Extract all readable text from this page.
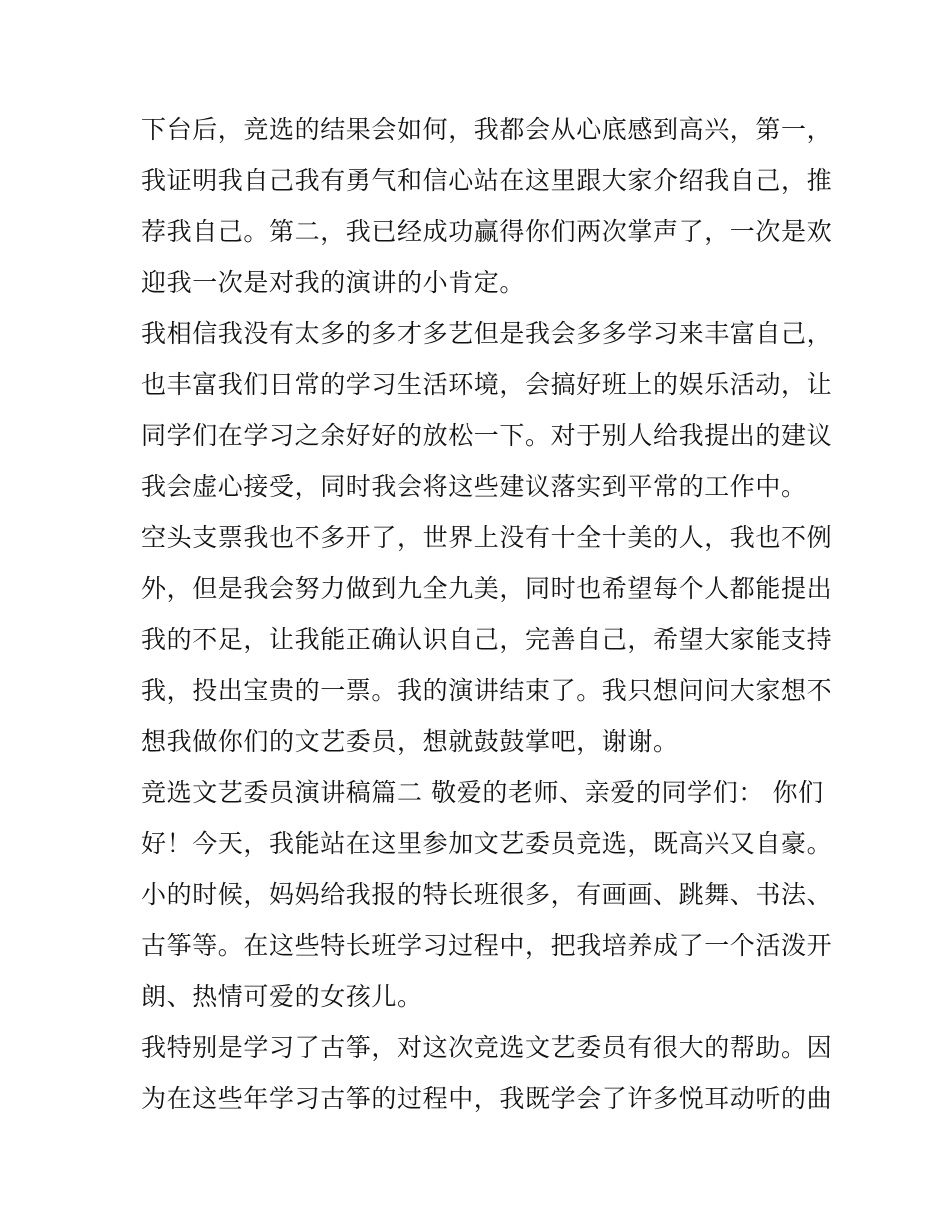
下台后，竞选的结果会如何，我都会从心底感到高兴，第一，
我证明我自己我有勇气和信心站在这里跟大家介绍我自己，推
荐我自己。第二，我已经成功赢得你们两次掌声了，一次是欢
迎我一次是对我的演讲的小肯定。
我相信我没有太多的多才多艺但是我会多多学习来丰富自己，
也丰富我们日常的学习生活环境，会搞好班上的娱乐活动，让
同学们在学习之余好好的放松一下。对于别人给我提出的建议
我会虚心接受，同时我会将这些建议落实到平常的工作中。
空头支票我也不多开了，世界上没有十全十美的人，我也不例
外，但是我会努力做到九全九美，同时也希望每个人都能提出
我的不足，让我能正确认识自己，完善自己，希望大家能支持
我，投出宝贵的一票。我的演讲结束了。我只想问问大家想不
想我做你们的文艺委员，想就鼓鼓掌吧，谢谢。
竞选文艺委员演讲稿篇二 敬爱的老师、亲爱的同学们： 你们
好！今天，我能站在这里参加文艺委员竞选，既高兴又自豪。
小的时候，妈妈给我报的特长班很多，有画画、跳舞、书法、
古筝等。在这些特长班学习过程中，把我培养成了一个活泼开
朗、热情可爱的女孩儿。
我特别是学习了古筝，对这次竞选文艺委员有很大的帮助。因
为在这些年学习古筝的过程中，我既学会了许多悦耳动听的曲
